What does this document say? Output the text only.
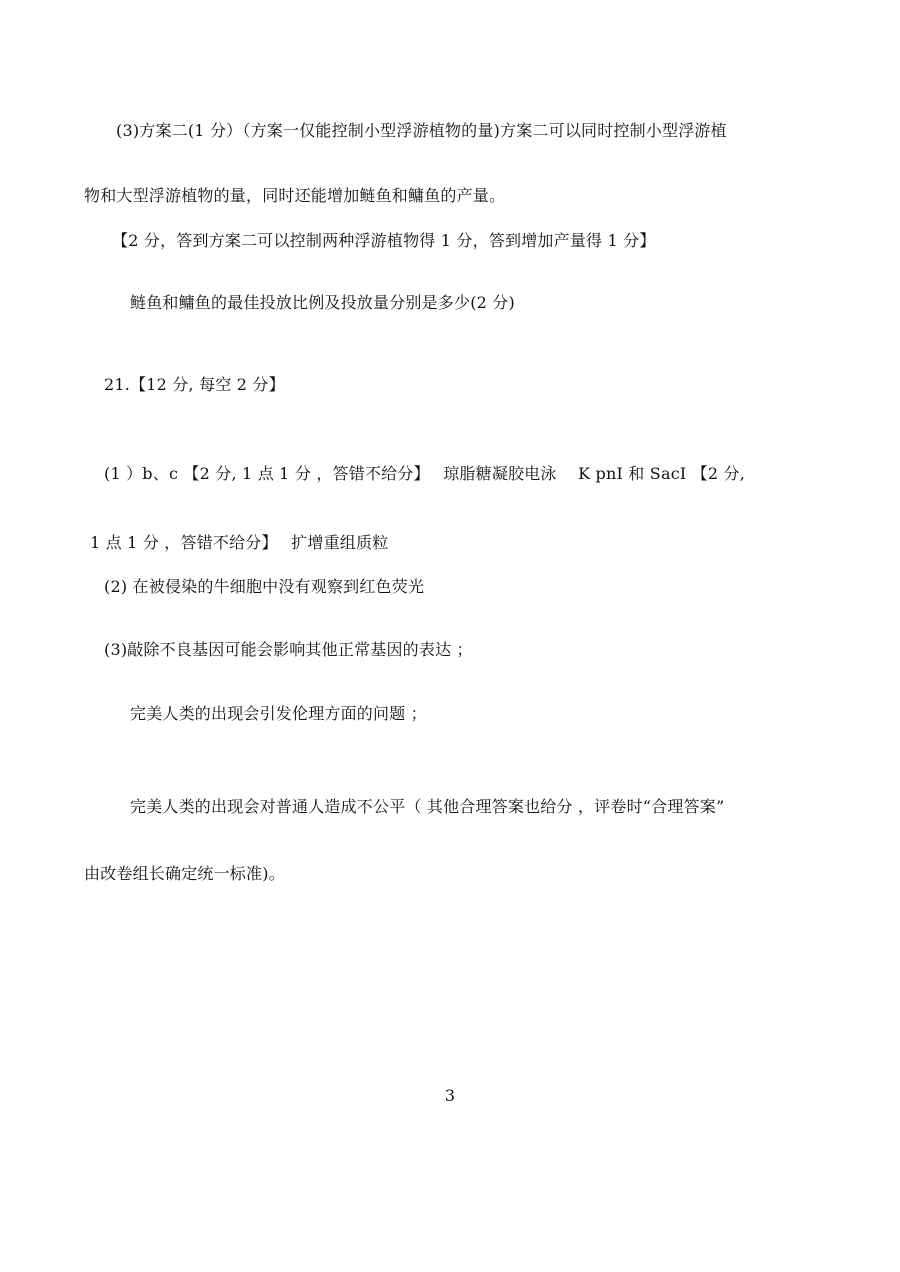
(3)方案二(1 分）（方案一仅能控制小型浮游植物的量)方案二可以同时控制小型浮游植
物和大型浮游植物的量，同时还能增加鲢鱼和鳙鱼的产量。
【2 分，答到方案二可以控制两种浮游植物得 1 分，答到增加产量得 1 分】
鲢鱼和鳙鱼的最佳投放比例及投放量分别是多少(2 分)
21.【12 分, 每空 2 分】
(1 ）b、c 【2 分, 1 点 1 分 ，答错不给分】　 琼脂糖凝胶电泳　 K pnI 和 SacI 【2 分,
1 点 1 分 ，答错不给分】　 扩增重组质粒
(2) 在被侵染的牛细胞中没有观察到红色荧光
(3)敲除不良基因可能会影响其他正常基因的表达 ；
完美人类的出现会引发伦理方面的问题 ；
完美人类的出现会对普通人造成不公平（ 其他合理答案也给分 ，评卷时“合理答案”
由改卷组长确定统一标准)。
3
